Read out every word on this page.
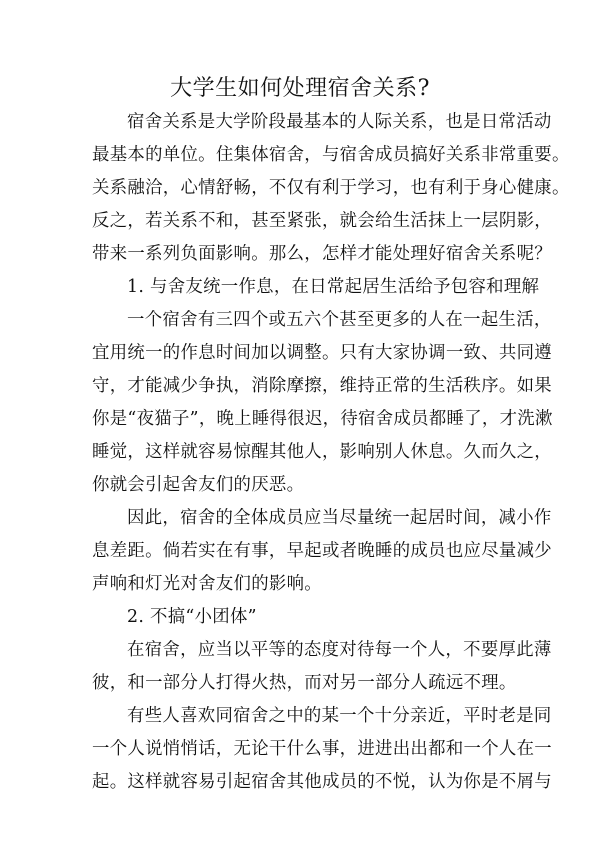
大学生如何处理宿舍关系?
宿舍关系是大学阶段最基本的人际关系，也是日常活动
最基本的单位。住集体宿舍，与宿舍成员搞好关系非常重要。
关系融洽，心情舒畅，不仅有利于学习，也有利于身心健康。
反之，若关系不和，甚至紧张，就会给生活抹上一层阴影，
带来一系列负面影响。那么，怎样才能处理好宿舍关系呢？
1. 与舍友统一作息，在日常起居生活给予包容和理解
一个宿舍有三四个或五六个甚至更多的人在一起生活，
宜用统一的作息时间加以调整。只有大家协调一致、共同遵
守，才能减少争执，消除摩擦，维持正常的生活秩序。如果
你是“夜猫子”，晚上睡得很迟，待宿舍成员都睡了，才洗漱
睡觉，这样就容易惊醒其他人，影响别人休息。久而久之，
你就会引起舍友们的厌恶。
因此，宿舍的全体成员应当尽量统一起居时间，减小作
息差距。倘若实在有事，早起或者晚睡的成员也应尽量减少
声响和灯光对舍友们的影响。
2. 不搞“小团体”
在宿舍，应当以平等的态度对待每一个人，不要厚此薄
彼，和一部分人打得火热，而对另一部分人疏远不理。
有些人喜欢同宿舍之中的某一个十分亲近，平时老是同
一个人说悄悄话，无论干什么事，进进出出都和一个人在一
起。这样就容易引起宿舍其他成员的不悦，认为你是不屑与
